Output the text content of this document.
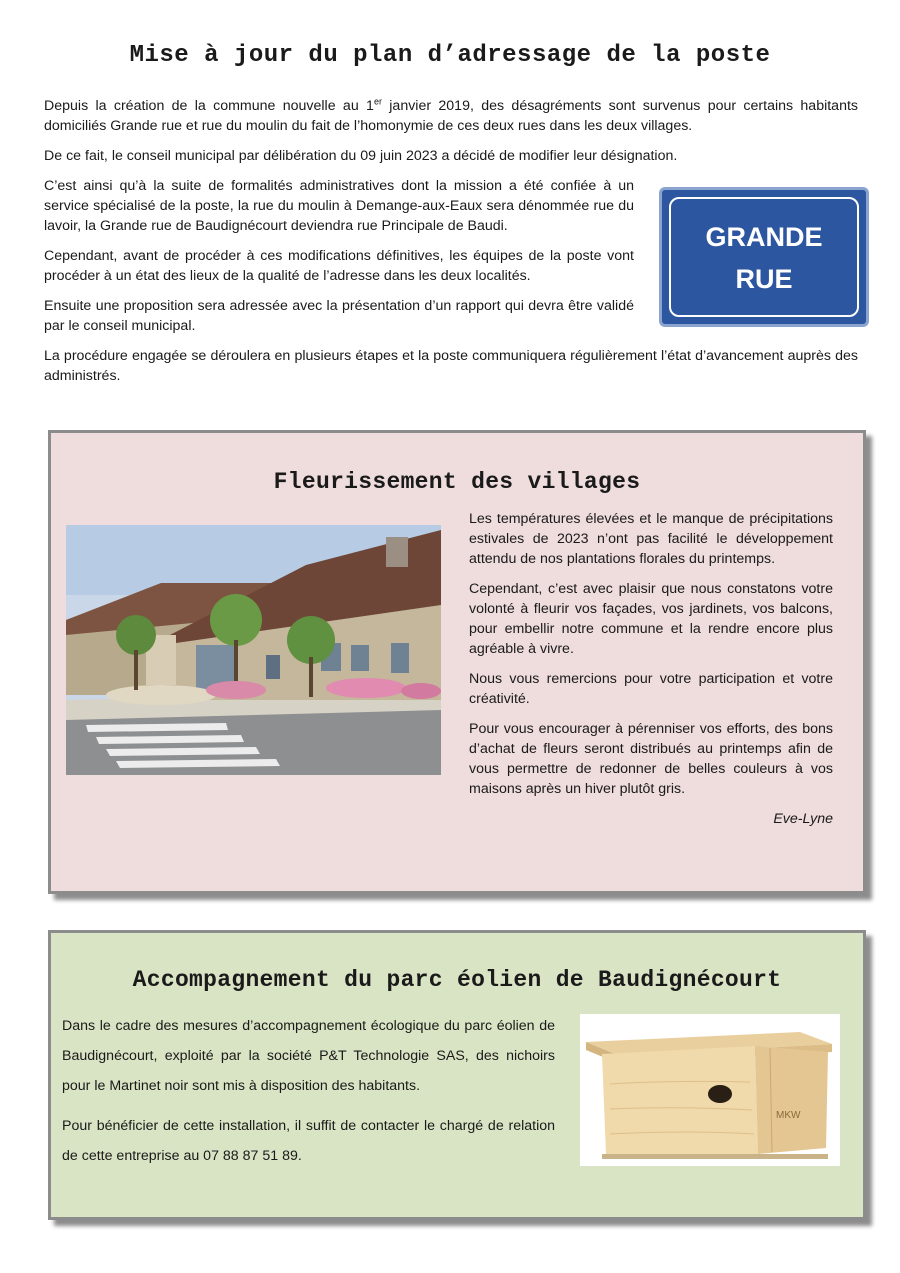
Mise à jour du plan d’adressage de la poste

Depuis la création de la commune nouvelle au 1er janvier 2019, des désagréments sont survenus pour certains habitants domiciliés Grande rue et rue du moulin du fait de l’homonymie de ces deux rues dans les deux villages.

De ce fait, le conseil municipal par délibération du 09 juin 2023 a décidé de modifier leur désignation.

C’est ainsi qu’à la suite de formalités administratives dont la mission a été confiée à un service spécialisé de la poste, la rue du moulin à Demange-aux-Eaux sera dénommée rue du lavoir, la Grande rue de Baudignécourt deviendra rue Principale de Baudi.

Cependant, avant de procéder à ces modifications définitives, les équipes de la poste vont procéder à un état des lieux de la qualité de l’adresse dans les deux localités.

Ensuite une proposition sera adressée avec la présentation d’un rapport qui devra être validé par le conseil municipal.

La procédure engagée se déroulera en plusieurs étapes et la poste communiquera régulièrement l’état d’avancement auprès des administrés.

GRANDE
RUE
Fleurissement des villages

Les températures élevées et le manque de précipitations estivales de 2023 n’ont pas facilité le développement attendu de nos plantations florales du printemps.

Cependant, c’est avec plaisir que nous constatons votre volonté à fleurir vos façades, vos jardinets, vos balcons, pour embellir notre commune et la rendre encore plus agréable à vivre.

Nous vous remercions pour votre participation et votre créativité.

Pour vous encourager à pérenniser vos efforts, des bons d’achat de fleurs seront distribués au printemps afin de vous permettre de redonner de belles couleurs à vos maisons après un hiver plutôt gris.

Eve-Lyne

Accompagnement du parc éolien de Baudignécourt

Dans le cadre des mesures d’accompagnement écologique du parc éolien de Baudignécourt, exploité par la société P&T Technologie SAS, des nichoirs pour le Martinet noir sont mis à disposition des habitants.

Pour bénéficier de cette installation, il suffit de contacter le chargé de relation de cette entreprise au 07 88 87 51 89.

MKW
